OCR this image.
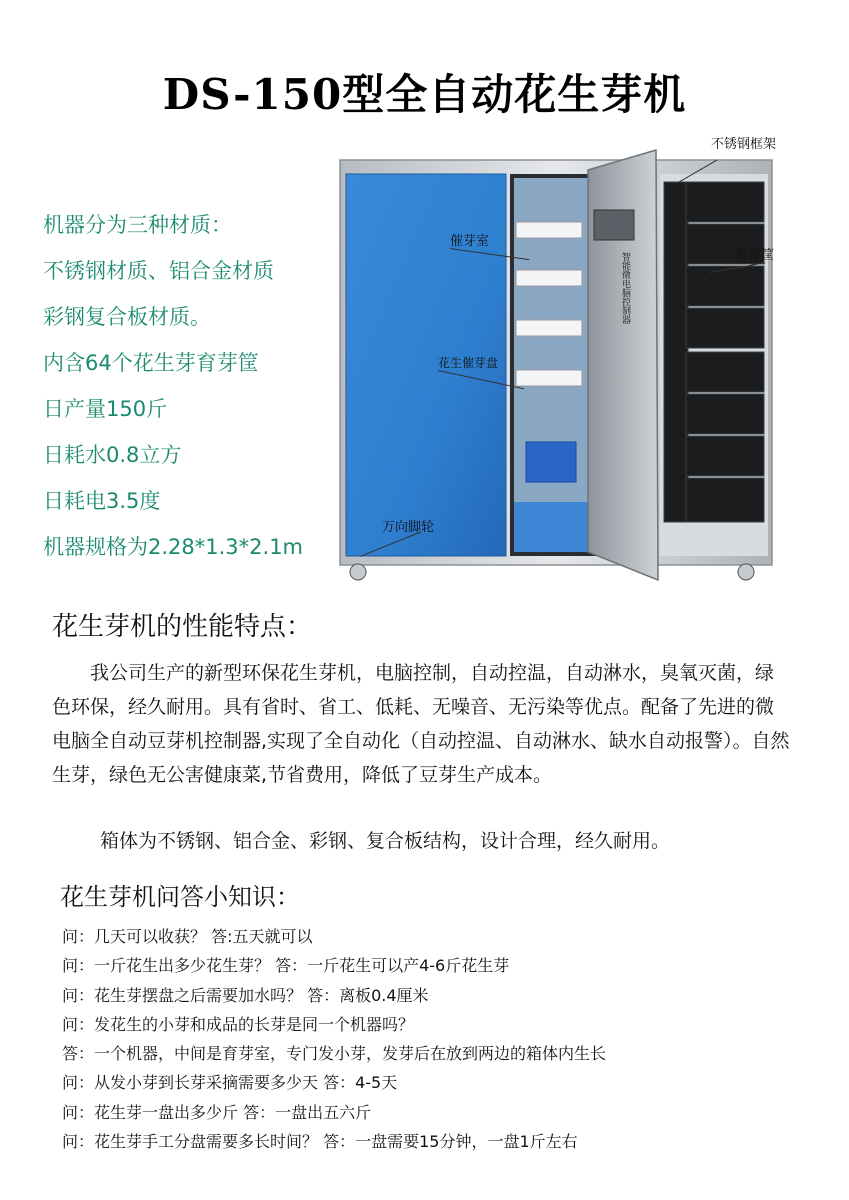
DS-150型全自动花生芽机
机器分为三种材质：
不锈钢材质、铝合金材质
彩钢复合板材质。
内含64个花生芽育芽筐
日产量150斤
日耗水0.8立方
日耗电3.5度
机器规格为2.28*1.3*2.1m
不锈钢框架
育芽筐
催芽室
花生催芽盘
万向脚轮
智能微电脑控制器
花生芽机的性能特点：
我公司生产的新型环保花生芽机，电脑控制，自动控温，自动淋水，臭氧灭菌，绿色环保，经久耐用。具有省时、省工、低耗、无噪音、无污染等优点。配备了先进的微电脑全自动豆芽机控制器,实现了全自动化（自动控温、自动淋水、缺水自动报警）。自然生芽，绿色无公害健康菜,节省费用，降低了豆芽生产成本。
箱体为不锈钢、铝合金、彩钢、复合板结构，设计合理，经久耐用。
花生芽机问答小知识：
问：几天可以收获？ 答:五天就可以
问：一斤花生出多少花生芽？ 答：一斤花生可以产4-6斤花生芽
问：花生芽摆盘之后需要加水吗？ 答：离板0.4厘米
问：发花生的小芽和成品的长芽是同一个机器吗？
答：一个机器，中间是育芽室，专门发小芽，发芽后在放到两边的箱体内生长
问：从发小芽到长芽采摘需要多少天 答：4-5天
问：花生芽一盘出多少斤 答：一盘出五六斤
问：花生芽手工分盘需要多长时间？ 答：一盘需要15分钟，一盘1斤左右
